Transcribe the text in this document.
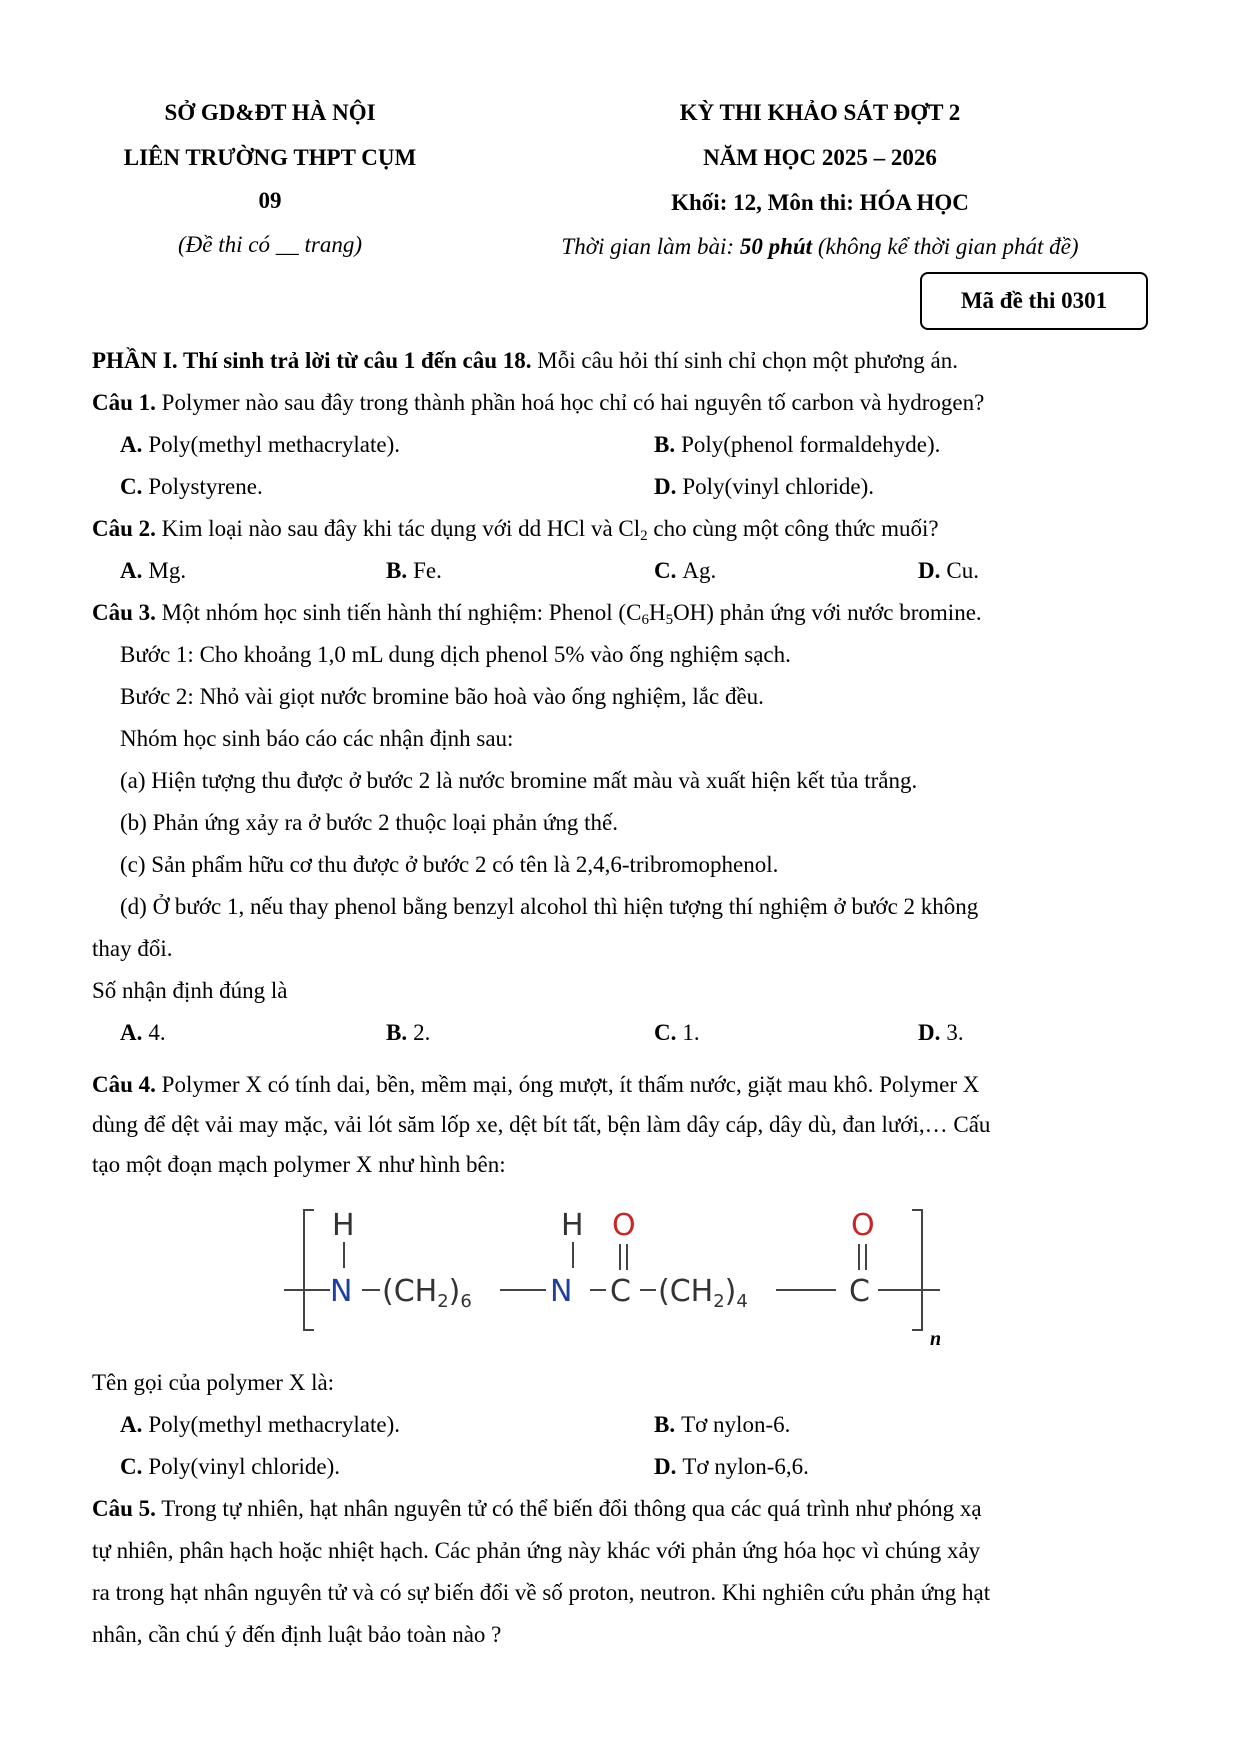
SỞ GD&ĐT HÀ NỘI
LIÊN TRƯỜNG THPT CỤM
09
(Đề thi có __ trang)
KỲ THI KHẢO SÁT ĐỢT 2
NĂM HỌC 2025 – 2026
Khối: 12, Môn thi: HÓA HỌC
Thời gian làm bài: 50 phút (không kể thời gian phát đề)
Mã đề thi 0301
PHẦN I. Thí sinh trả lời từ câu 1 đến câu 18. Mỗi câu hỏi thí sinh chỉ chọn một phương án.
Câu 1. Polymer nào sau đây trong thành phần hoá học chỉ có hai nguyên tố carbon và hydrogen?
A. Poly(methyl methacrylate).	B. Poly(phenol formaldehyde).
C. Polystyrene.	D. Poly(vinyl chloride).
Câu 2. Kim loại nào sau đây khi tác dụng với dd HCl và $Cl_2$ cho cùng một công thức muối?
A. Mg.	B. Fe.	C. Ag.	D. Cu.
Câu 3. Một nhóm học sinh tiến hành thí nghiệm: Phenol $(C_6H_5OH)$ phản ứng với nước bromine.
Bước 1: Cho khoảng 1,0 mL dung dịch phenol 5% vào ống nghiệm sạch.
Bước 2: Nhỏ vài giọt nước bromine bão hoà vào ống nghiệm, lắc đều.
Nhóm học sinh báo cáo các nhận định sau:
(a) Hiện tượng thu được ở bước 2 là nước bromine mất màu và xuất hiện kết tủa trắng.
(b) Phản ứng xảy ra ở bước 2 thuộc loại phản ứng thế.
(c) Sản phẩm hữu cơ thu được ở bước 2 có tên là 2,4,6-tribromophenol.
(d) Ở bước 1, nếu thay phenol bằng benzyl alcohol thì hiện tượng thí nghiệm ở bước 2 không
thay đổi.
Số nhận định đúng là
A. 4.	B. 2.	C. 1.	D. 3.
Câu 4. Polymer X có tính dai, bền, mềm mại, óng mượt, ít thấm nước, giặt mau khô. Polymer X
dùng để dệt vải may mặc, vải lót săm lốp xe, dệt bít tất, bện làm dây cáp, dây dù, đan lưới,… Cấu
tạo một đoạn mạch polymer X như hình bên:
H
N $(CH_2)_6$
H
N
O
C $(CH_2)_4$
O
C
n
Tên gọi của polymer X là:
A. Poly(methyl methacrylate).	B. Tơ nylon-6.
C. Poly(vinyl chloride).	D. Tơ nylon-6,6.
Câu 5. Trong tự nhiên, hạt nhân nguyên tử có thể biến đổi thông qua các quá trình như phóng xạ
tự nhiên, phân hạch hoặc nhiệt hạch. Các phản ứng này khác với phản ứng hóa học vì chúng xảy
ra trong hạt nhân nguyên tử và có sự biến đổi về số proton, neutron. Khi nghiên cứu phản ứng hạt
nhân, cần chú ý đến định luật bảo toàn nào ?
